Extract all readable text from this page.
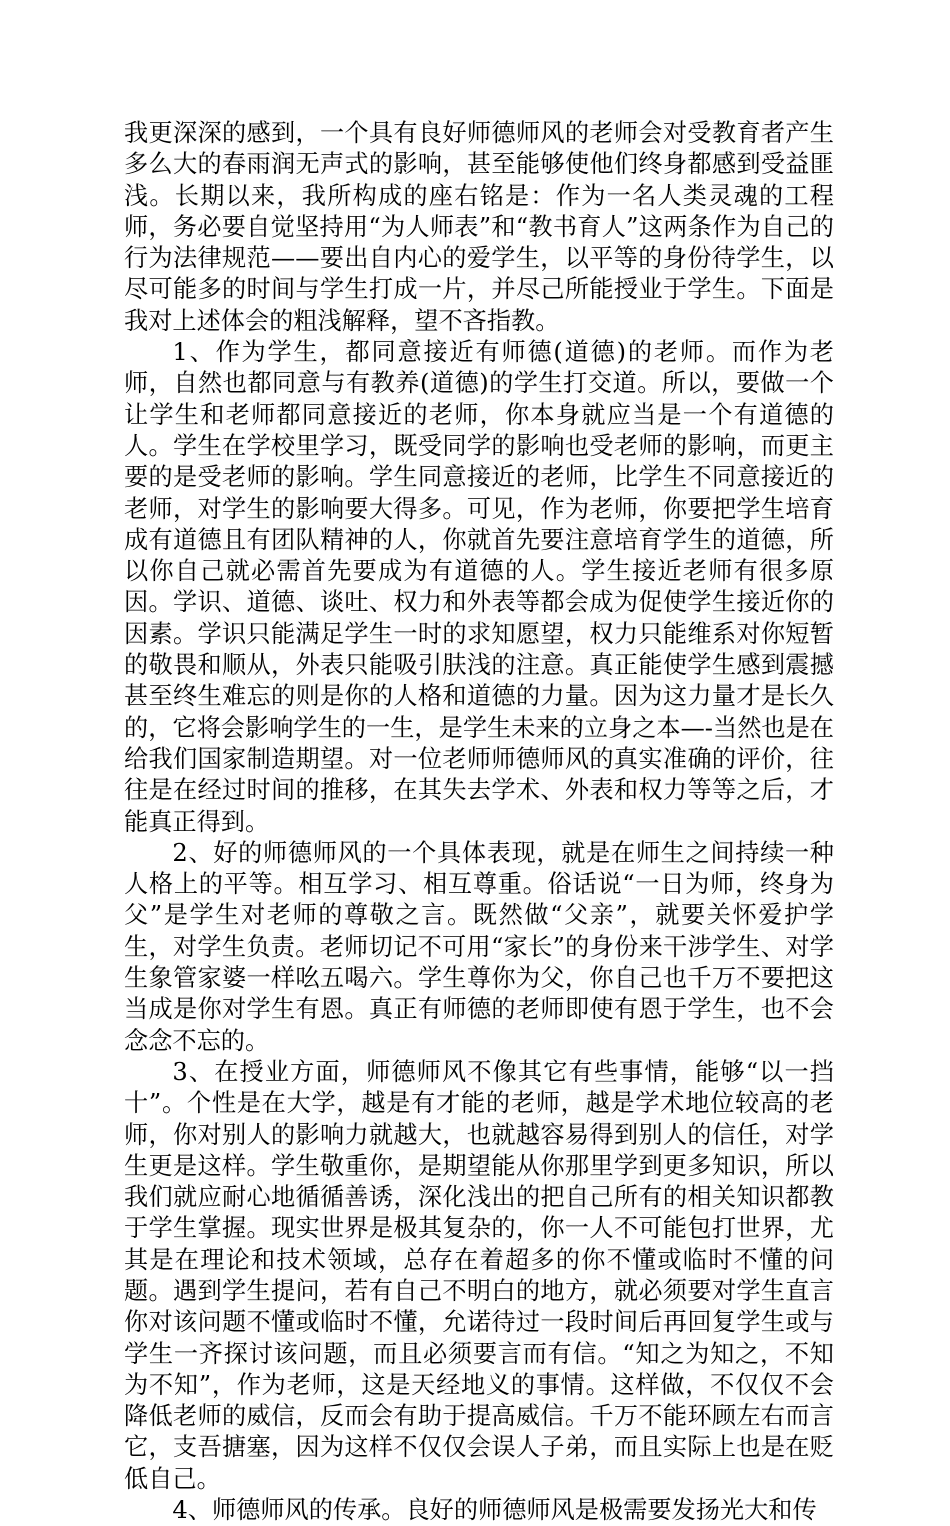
我更深深的感到，一个具有良好师德师风的老师会对受教育者产生多么大的春雨润无声式的影响，甚至能够使他们终身都感到受益匪浅。长期以来，我所构成的座右铭是：作为一名人类灵魂的工程师，务必要自觉坚持用“为人师表”和“教书育人”这两条作为自己的行为法律规范——要出自内心的爱学生，以平等的身份待学生，以尽可能多的时间与学生打成一片，并尽己所能授业于学生。下面是我对上述体会的粗浅解释，望不吝指教。

1、作为学生，都同意接近有师德(道德)的老师。而作为老师，自然也都同意与有教养(道德)的学生打交道。所以，要做一个让学生和老师都同意接近的老师，你本身就应当是一个有道德的人。学生在学校里学习，既受同学的影响也受老师的影响，而更主要的是受老师的影响。学生同意接近的老师，比学生不同意接近的老师，对学生的影响要大得多。可见，作为老师，你要把学生培育成有道德且有团队精神的人，你就首先要注意培育学生的道德，所以你自己就必需首先要成为有道德的人。学生接近老师有很多原因。学识、道德、谈吐、权力和外表等都会成为促使学生接近你的因素。学识只能满足学生一时的求知愿望，权力只能维系对你短暂的敬畏和顺从，外表只能吸引肤浅的注意。真正能使学生感到震撼甚至终生难忘的则是你的人格和道德的力量。因为这力量才是长久的，它将会影响学生的一生，是学生未来的立身之本—-当然也是在给我们国家制造期望。对一位老师师德师风的真实准确的评价，往往是在经过时间的推移，在其失去学术、外表和权力等等之后，才能真正得到。

2、好的师德师风的一个具体表现，就是在师生之间持续一种人格上的平等。相互学习、相互尊重。俗话说“一日为师，终身为父”是学生对老师的尊敬之言。既然做“父亲”，就要关怀爱护学生，对学生负责。老师切记不可用“家长”的身份来干涉学生、对学生象管家婆一样吆五喝六。学生尊你为父，你自己也千万不要把这当成是你对学生有恩。真正有师德的老师即使有恩于学生，也不会念念不忘的。

3、在授业方面，师德师风不像其它有些事情，能够“以一挡十”。个性是在大学，越是有才能的老师，越是学术地位较高的老师，你对别人的影响力就越大，也就越容易得到别人的信任，对学生更是这样。学生敬重你，是期望能从你那里学到更多知识，所以我们就应耐心地循循善诱，深化浅出的把自己所有的相关知识都教于学生掌握。现实世界是极其复杂的，你一人不可能包打世界，尤其是在理论和技术领域，总存在着超多的你不懂或临时不懂的问题。遇到学生提问，若有自己不明白的地方，就必须要对学生直言你对该问题不懂或临时不懂，允诺待过一段时间后再回复学生或与学生一齐探讨该问题，而且必须要言而有信。“知之为知之，不知为不知”，作为老师，这是天经地义的事情。这样做，不仅仅不会降低老师的威信，反而会有助于提高威信。千万不能环顾左右而言它，支吾搪塞，因为这样不仅仅会误人子弟，而且实际上也是在贬低自己。

4、师德师风的传承。良好的师德师风是极需要发扬光大和传
